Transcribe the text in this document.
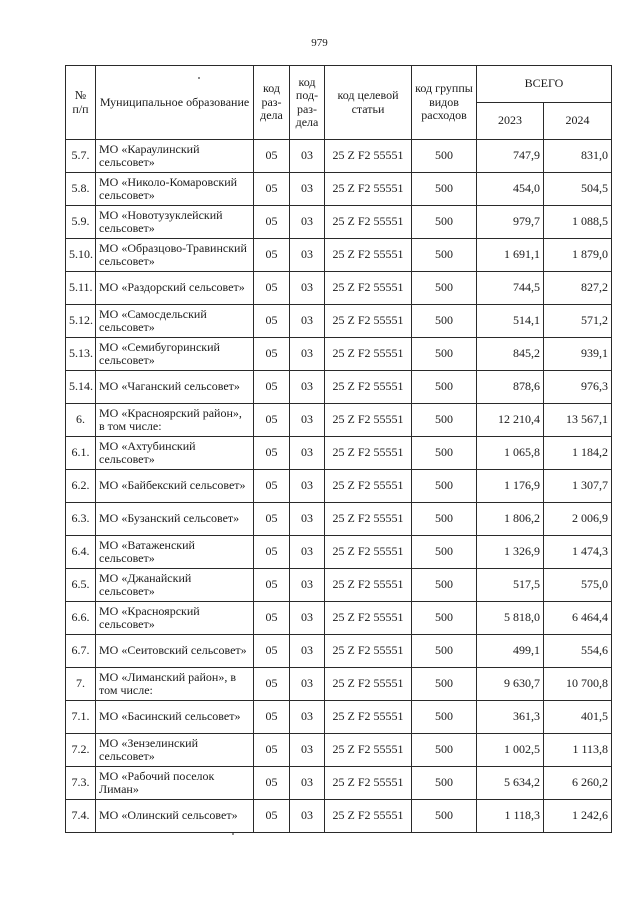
979
№ п/п	Муниципальное образование	код раз-дела	код под-раз-дела	код целевой статьи	код группы видов расходов	ВСЕГО	
						2023	2024
5.7.	МО «Караулинский сельсовет»	05	03	25 Z F2 55551	500	747,9	831,0
5.8.	МО «Николо-Комаровский сельсовет»	05	03	25 Z F2 55551	500	454,0	504,5
5.9.	МО «Новотузуклейский сельсовет»	05	03	25 Z F2 55551	500	979,7	1 088,5
5.10.	МО «Образцово-Травинский сельсовет»	05	03	25 Z F2 55551	500	1 691,1	1 879,0
5.11.	МО «Раздорский сельсовет»	05	03	25 Z F2 55551	500	744,5	827,2
5.12.	МО «Самосдельский сельсовет»	05	03	25 Z F2 55551	500	514,1	571,2
5.13.	МО «Семибугоринский сельсовет»	05	03	25 Z F2 55551	500	845,2	939,1
5.14.	МО «Чаганский сельсовет»	05	03	25 Z F2 55551	500	878,6	976,3
6.	МО «Красноярский район», в том числе:	05	03	25 Z F2 55551	500	12 210,4	13 567,1
6.1.	МО «Ахтубинский сельсовет»	05	03	25 Z F2 55551	500	1 065,8	1 184,2
6.2.	МО «Байбекский сельсовет»	05	03	25 Z F2 55551	500	1 176,9	1 307,7
6.3.	МО «Бузанский сельсовет»	05	03	25 Z F2 55551	500	1 806,2	2 006,9
6.4.	МО «Ватаженский сельсовет»	05	03	25 Z F2 55551	500	1 326,9	1 474,3
6.5.	МО «Джанайский сельсовет»	05	03	25 Z F2 55551	500	517,5	575,0
6.6.	МО «Красноярский сельсовет»	05	03	25 Z F2 55551	500	5 818,0	6 464,4
6.7.	МО «Сеитовский сельсовет»	05	03	25 Z F2 55551	500	499,1	554,6
7.	МО «Лиманский район», в том числе:	05	03	25 Z F2 55551	500	9 630,7	10 700,8
7.1.	МО «Басинский сельсовет»	05	03	25 Z F2 55551	500	361,3	401,5
7.2.	МО «Зензелинский сельсовет»	05	03	25 Z F2 55551	500	1 002,5	1 113,8
7.3.	МО «Рабочий поселок Лиман»	05	03	25 Z F2 55551	500	5 634,2	6 260,2
7.4.	МО «Олинский сельсовет»	05	03	25 Z F2 55551	500	1 118,3	1 242,6
